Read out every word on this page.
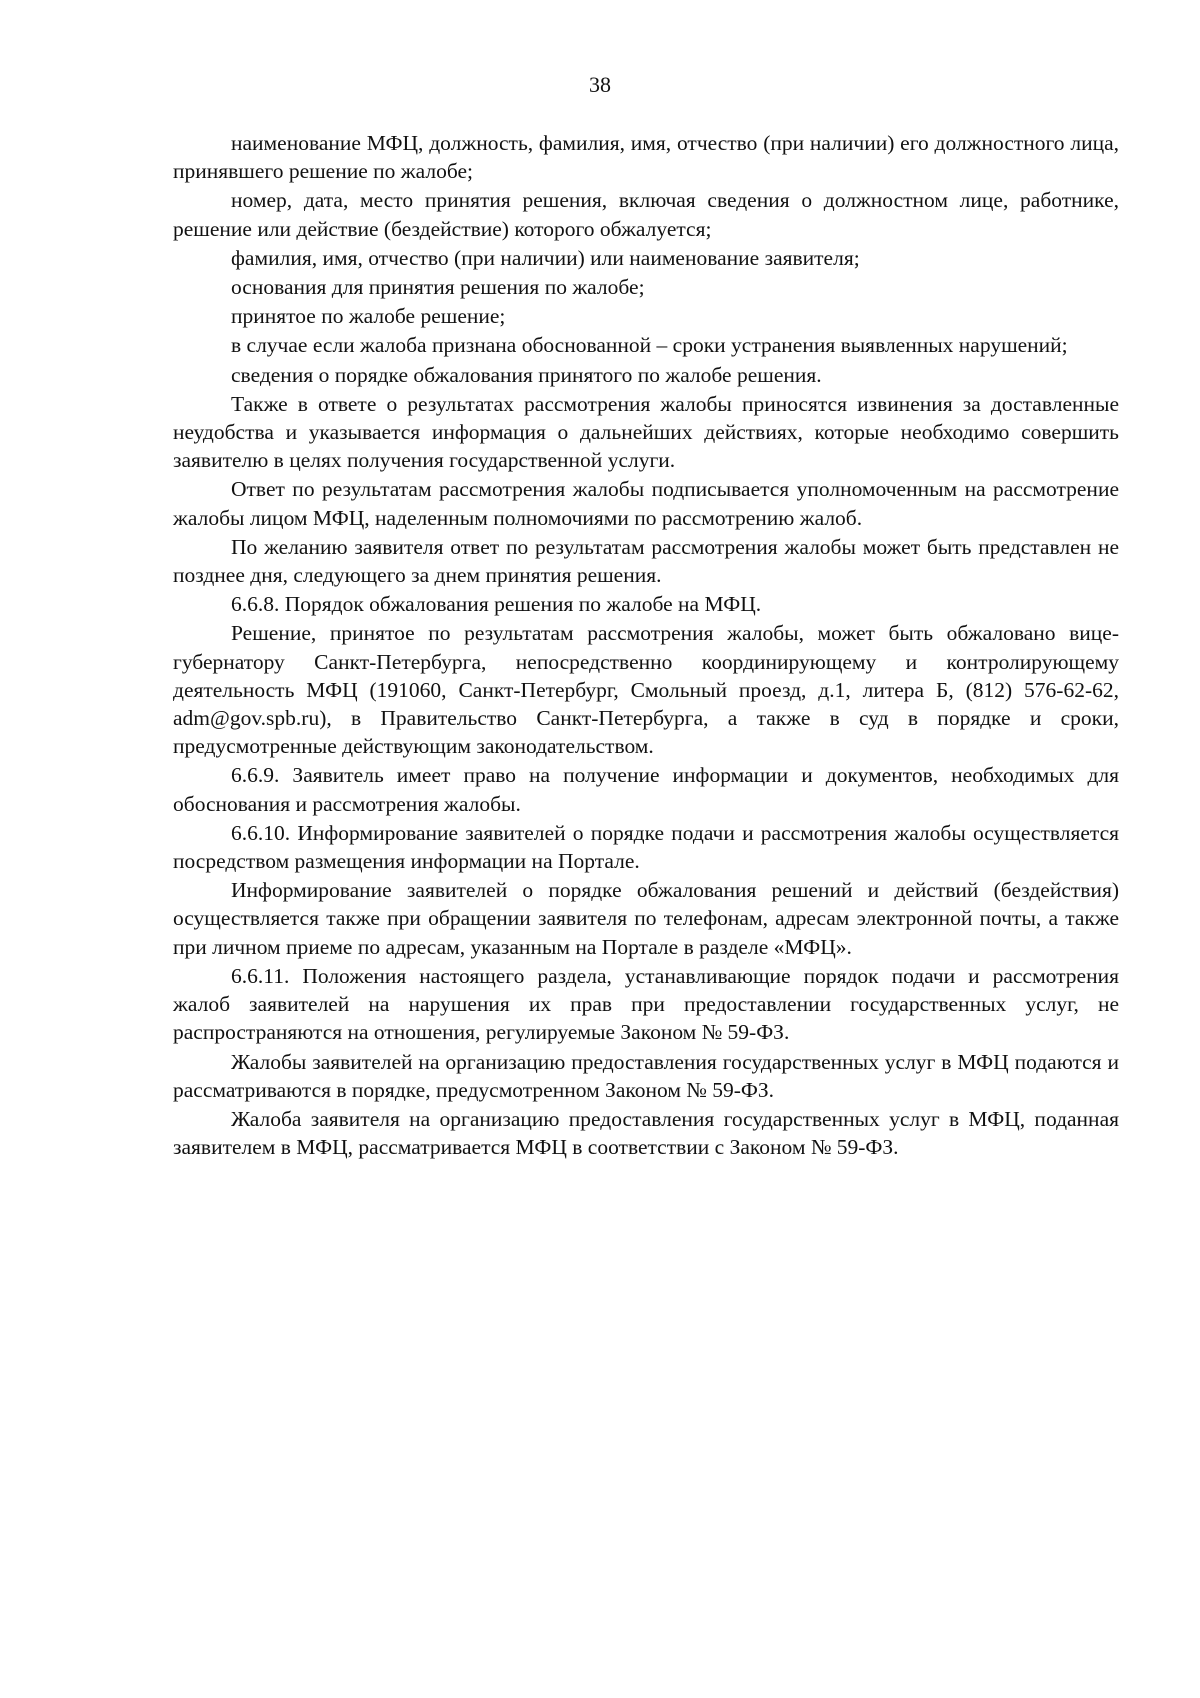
38

наименование МФЦ, должность, фамилия, имя, отчество (при наличии) его должностного лица, принявшего решение по жалобе;

номер, дата, место принятия решения, включая сведения о должностном лице, работнике, решение или действие (бездействие) которого обжалуется;

фамилия, имя, отчество (при наличии) или наименование заявителя;

основания для принятия решения по жалобе;

принятое по жалобе решение;

в случае если жалоба признана обоснованной – сроки устранения выявленных нарушений;

сведения о порядке обжалования принятого по жалобе решения.

Также в ответе о результатах рассмотрения жалобы приносятся извинения за доставленные неудобства и указывается информация о дальнейших действиях, которые необходимо совершить заявителю в целях получения государственной услуги.

Ответ по результатам рассмотрения жалобы подписывается уполномоченным на рассмотрение жалобы лицом МФЦ, наделенным полномочиями по рассмотрению жалоб.

По желанию заявителя ответ по результатам рассмотрения жалобы может быть представлен не позднее дня, следующего за днем принятия решения.

6.6.8. Порядок обжалования решения по жалобе на МФЦ.

Решение, принятое по результатам рассмотрения жалобы, может быть обжаловано вице-губернатору Санкт-Петербурга, непосредственно координирующему и контролирующему деятельность МФЦ (191060, Санкт-Петербург, Смольный проезд, д.1, литера Б, (812) 576-62-62, adm@gov.spb.ru), в Правительство Санкт-Петербурга, а также в суд в порядке и сроки, предусмотренные действующим законодательством.

6.6.9. Заявитель имеет право на получение информации и документов, необходимых для обоснования и рассмотрения жалобы.

6.6.10. Информирование заявителей о порядке подачи и рассмотрения жалобы осуществляется посредством размещения информации на Портале.

Информирование заявителей о порядке обжалования решений и действий (бездействия) осуществляется также при обращении заявителя по телефонам, адресам электронной почты, а также при личном приеме по адресам, указанным на Портале в разделе «МФЦ».

6.6.11. Положения настоящего раздела, устанавливающие порядок подачи и рассмотрения жалоб заявителей на нарушения их прав при предоставлении государственных услуг, не распространяются на отношения, регулируемые Законом № 59-ФЗ.

Жалобы заявителей на организацию предоставления государственных услуг в МФЦ подаются и рассматриваются в порядке, предусмотренном Законом № 59-ФЗ.

Жалоба заявителя на организацию предоставления государственных услуг в МФЦ, поданная заявителем в МФЦ, рассматривается МФЦ в соответствии с Законом № 59-ФЗ.
